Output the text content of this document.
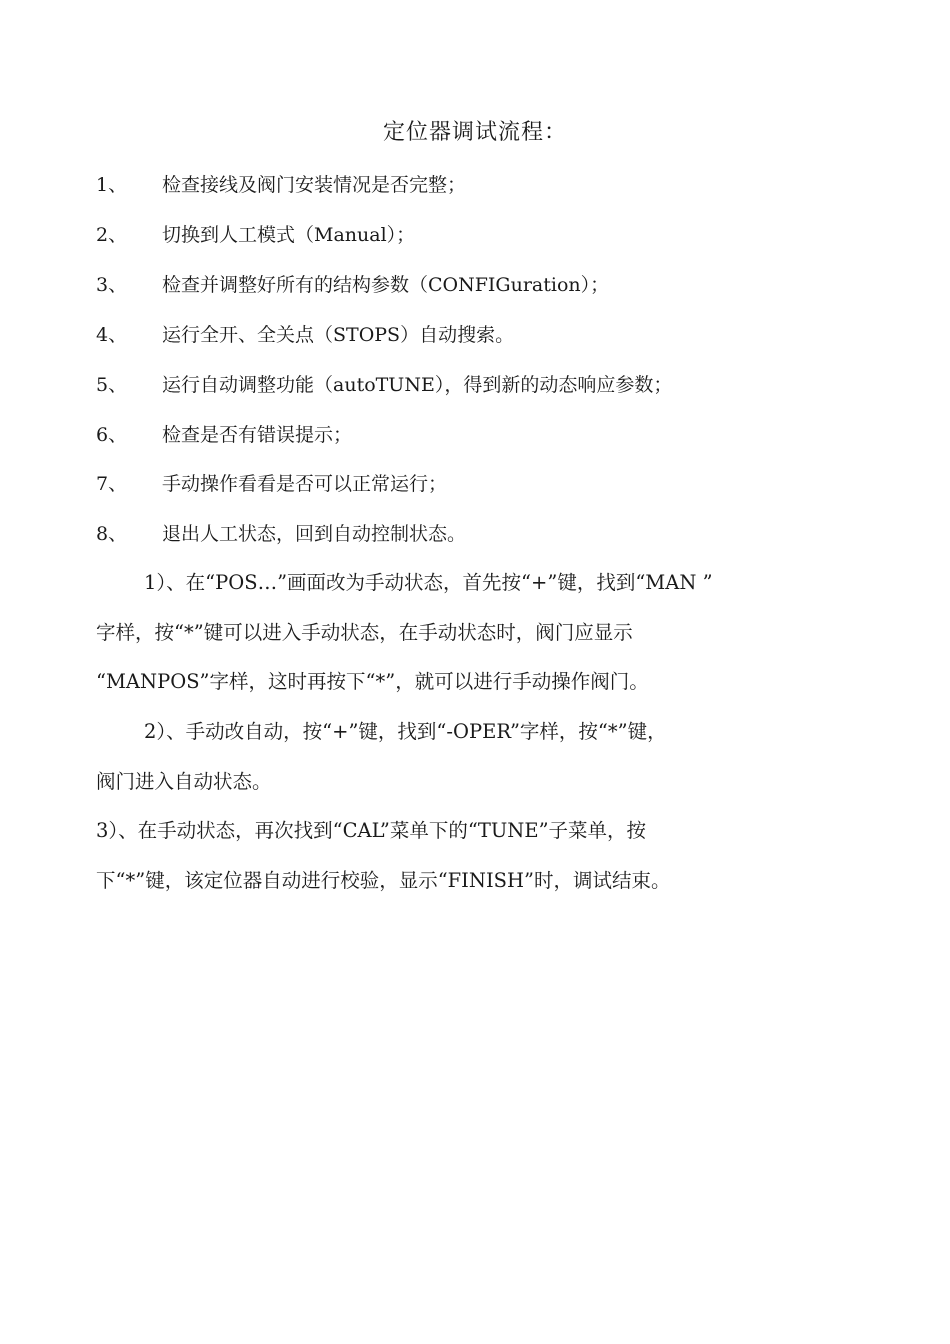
定位器调试流程：
1、 检查接线及阀门安装情况是否完整；
2、 切换到人工模式（Manual）；
3、 检查并调整好所有的结构参数（CONFIGuration）；
4、 运行全开、全关点（STOPS）自动搜索。
5、 运行自动调整功能（autoTUNE），得到新的动态响应参数；
6、 检查是否有错误提示；
7、 手动操作看看是否可以正常运行；
8、 退出人工状态，回到自动控制状态。
1）、在“POS…”画面改为手动状态，首先按“+”键，找到“MAN ”
字样，按“*”键可以进入手动状态，在手动状态时，阀门应显示
“MANPOS”字样，这时再按下“*”，就可以进行手动操作阀门。
2）、手动改自动，按“+”键，找到“-OPER”字样，按“*”键，
阀门进入自动状态。
3）、在手动状态，再次找到“CAL”菜单下的“TUNE”子菜单，按
下“*”键，该定位器自动进行校验，显示“FINISH”时，调试结束。
